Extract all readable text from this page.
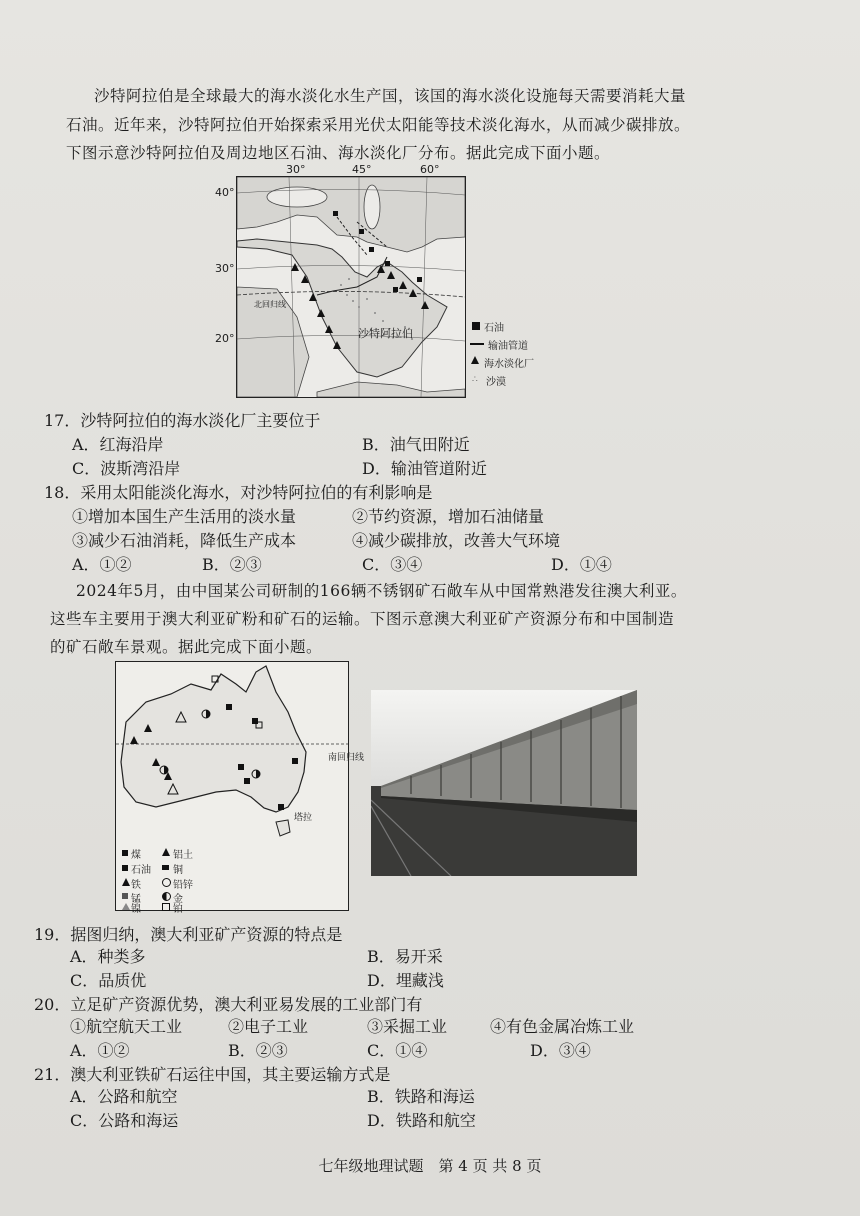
沙特阿拉伯是全球最大的海水淡化水生产国，该国的海水淡化设施每天需要消耗大量
石油。近年来，沙特阿拉伯开始探索采用光伏太阳能等技术淡化海水，从而减少碳排放。
下图示意沙特阿拉伯及周边地区石油、海水淡化厂分布。据此完成下面小题。
30°	45°	60°
40°
30°
20°	沙特阿拉伯
北回归线
石油
输油管道
海水淡化厂
∴ 沙漠
17．沙特阿拉伯的海水淡化厂主要位于
A．红海沿岸	B．油气田附近
C．波斯湾沿岸	D．输油管道附近
18．采用太阳能淡化海水，对沙特阿拉伯的有利影响是
①增加本国生产生活用的淡水量	②节约资源，增加石油储量
③减少石油消耗，降低生产成本	④减少碳排放，改善大气环境
A．①②	B．②③	C．③④	D．①④
2024年5月，由中国某公司研制的166辆不锈钢矿石敞车从中国常熟港发往澳大利亚。
这些车主要用于澳大利亚矿粉和矿石的运输。下图示意澳大利亚矿产资源分布和中国制造
的矿石敞车景观。据此完成下面小题。
煤	铝土
石油 铜
铁	铅锌
锰	金
镍	铂
南回归线
塔拉
19．据图归纳，澳大利亚矿产资源的特点是
A．种类多	B．易开采
C．品质优	D．埋藏浅
20．立足矿产资源优势，澳大利亚易发展的工业部门有
①航空航天工业	②电子工业	③采掘工业	④有色金属冶炼工业
A．①②	B．②③	C．①④	D．③④
21．澳大利亚铁矿石运往中国，其主要运输方式是
A．公路和航空	B．铁路和海运
C．公路和海运	D．铁路和航空
七年级地理试题　第 4 页 共 8 页
